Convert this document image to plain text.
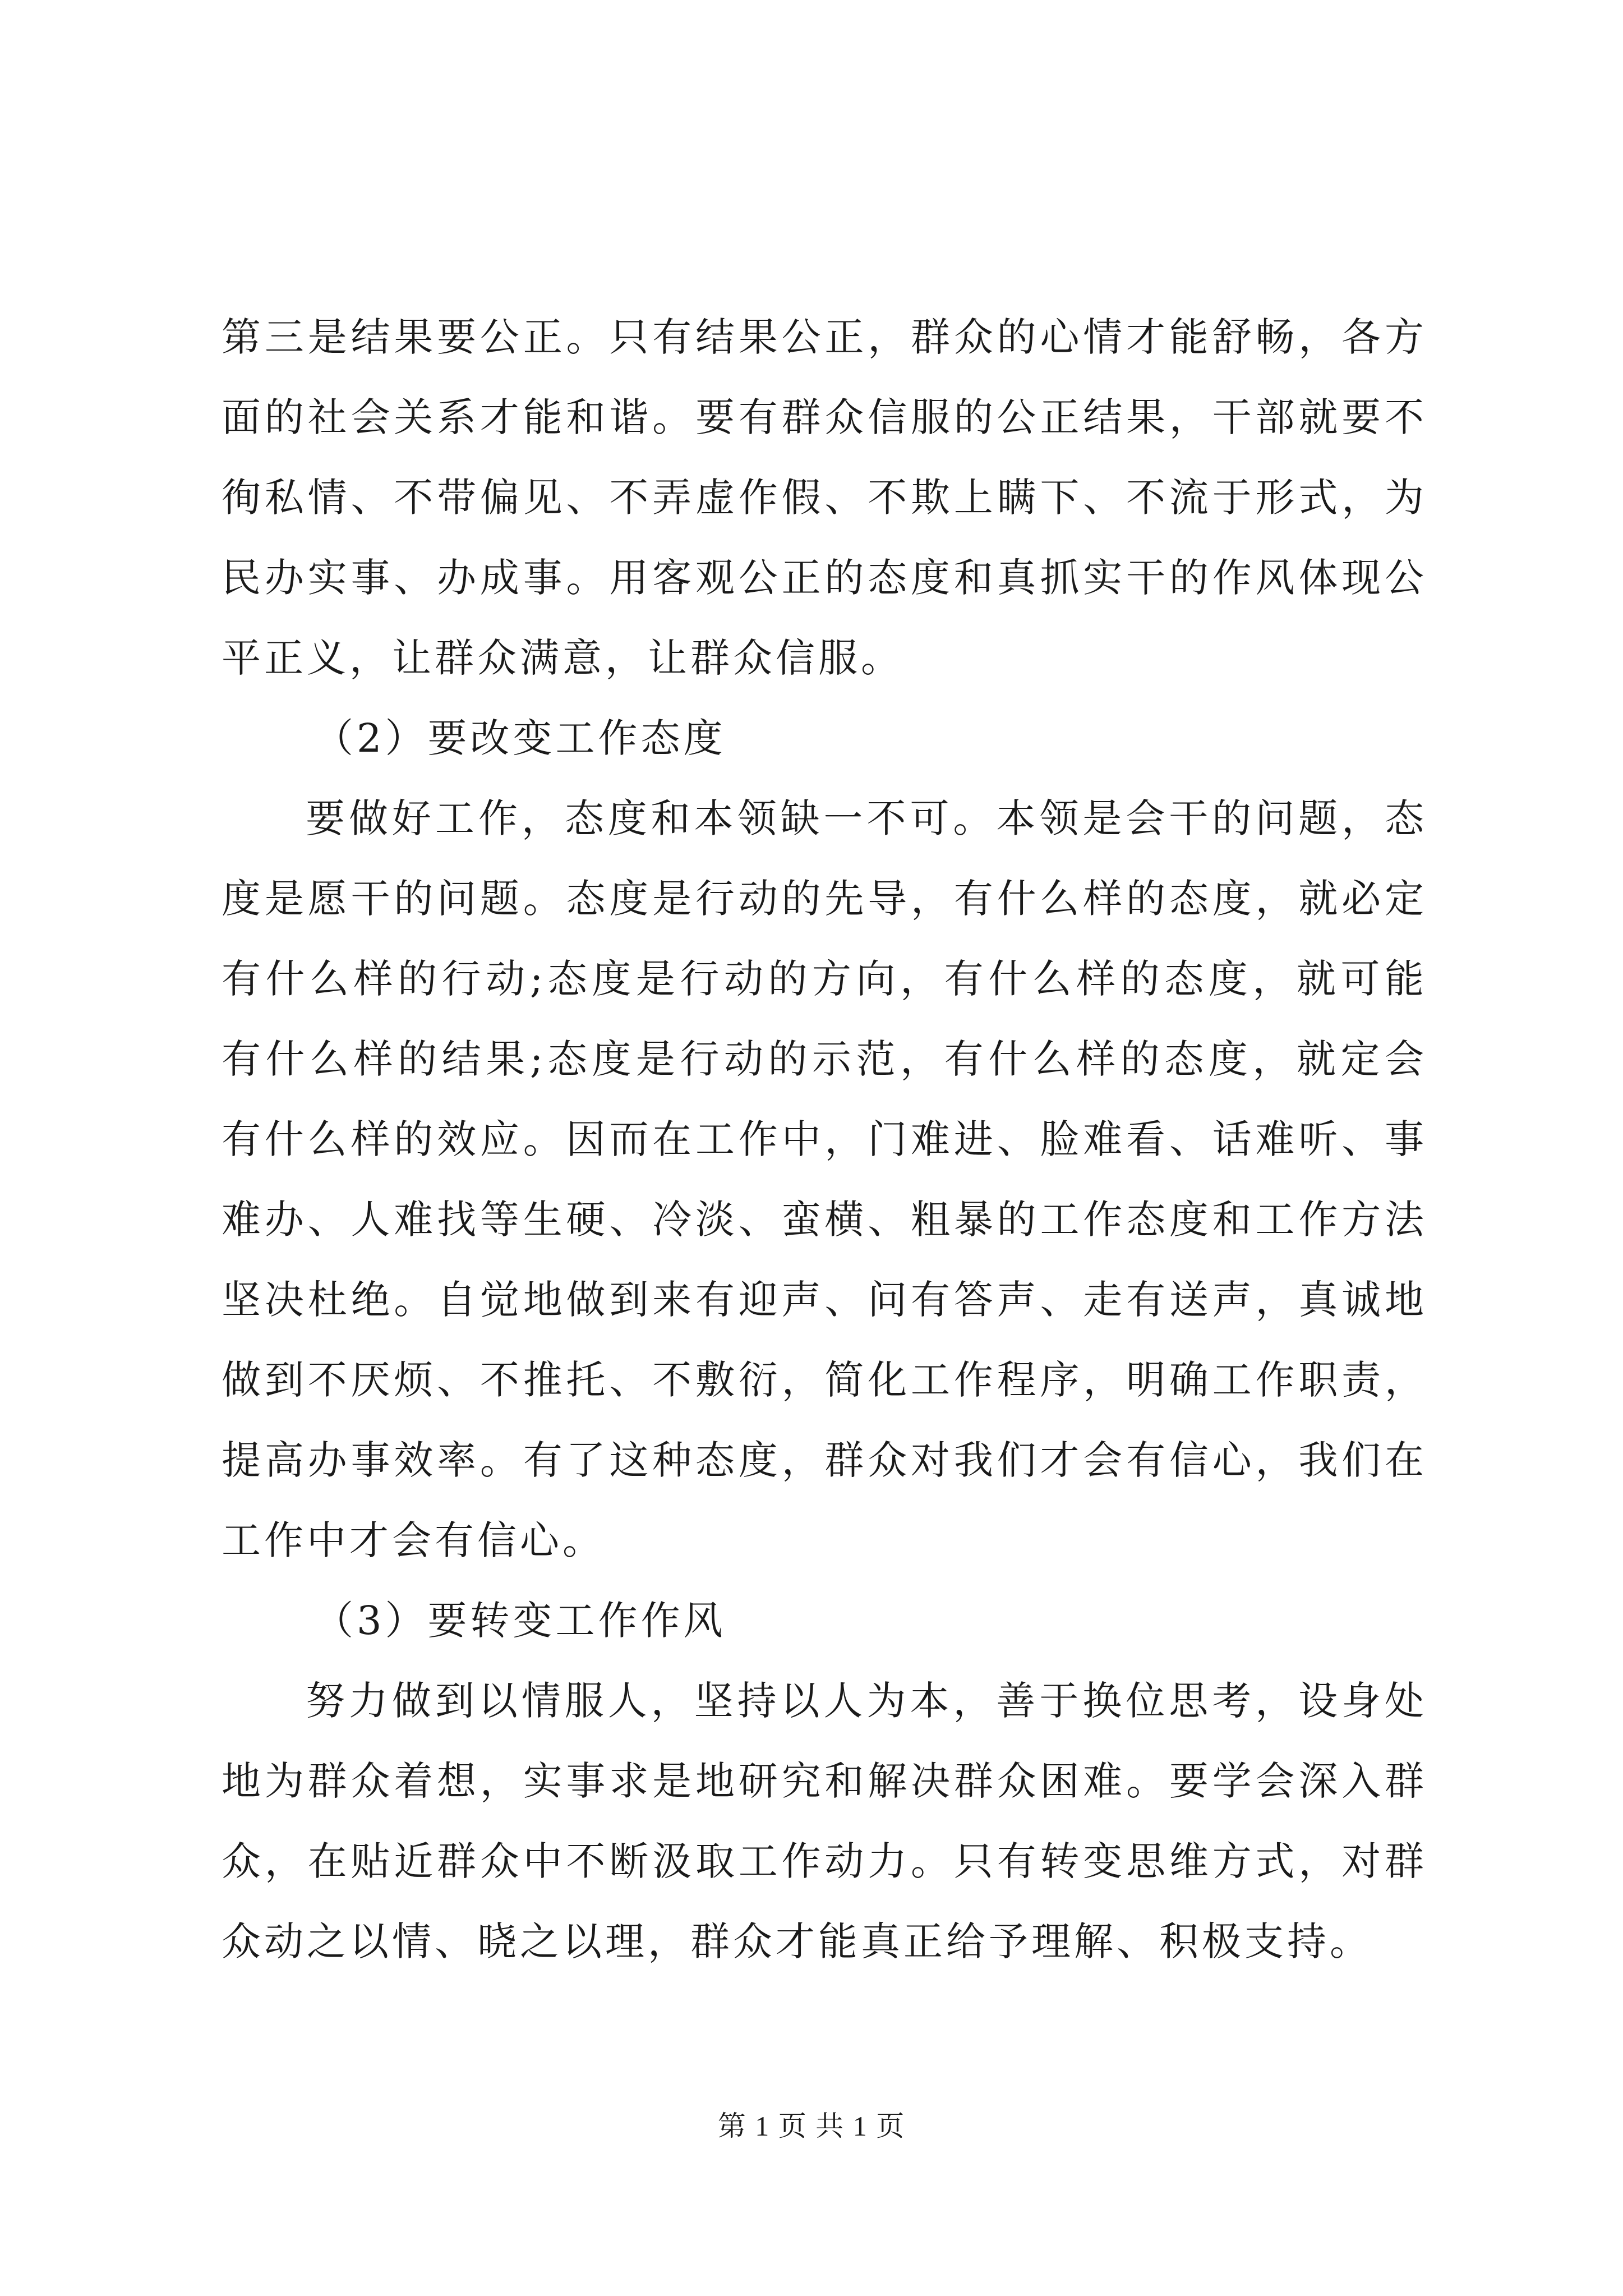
第三是结果要公正。只有结果公正，群众的心情才能舒畅，各方面的社会关系才能和谐。要有群众信服的公正结果，干部就要不徇私情、不带偏见、不弄虚作假、不欺上瞒下、不流于形式，为民办实事、办成事。用客观公正的态度和真抓实干的作风体现公平正义，让群众满意，让群众信服。

（2）要改变工作态度

要做好工作，态度和本领缺一不可。本领是会干的问题，态度是愿干的问题。态度是行动的先导，有什么样的态度，就必定有什么样的行动;态度是行动的方向，有什么样的态度，就可能有什么样的结果;态度是行动的示范，有什么样的态度，就定会有什么样的效应。因而在工作中，门难进、脸难看、话难听、事难办、人难找等生硬、冷淡、蛮横、粗暴的工作态度和工作方法坚决杜绝。自觉地做到来有迎声、问有答声、走有送声，真诚地做到不厌烦、不推托、不敷衍，简化工作程序，明确工作职责，提高办事效率。有了这种态度，群众对我们才会有信心，我们在工作中才会有信心。

（3）要转变工作作风

努力做到以情服人，坚持以人为本，善于换位思考，设身处地为群众着想，实事求是地研究和解决群众困难。要学会深入群众，在贴近群众中不断汲取工作动力。只有转变思维方式，对群众动之以情、晓之以理，群众才能真正给予理解、积极支持。

第 1 页 共 1 页
